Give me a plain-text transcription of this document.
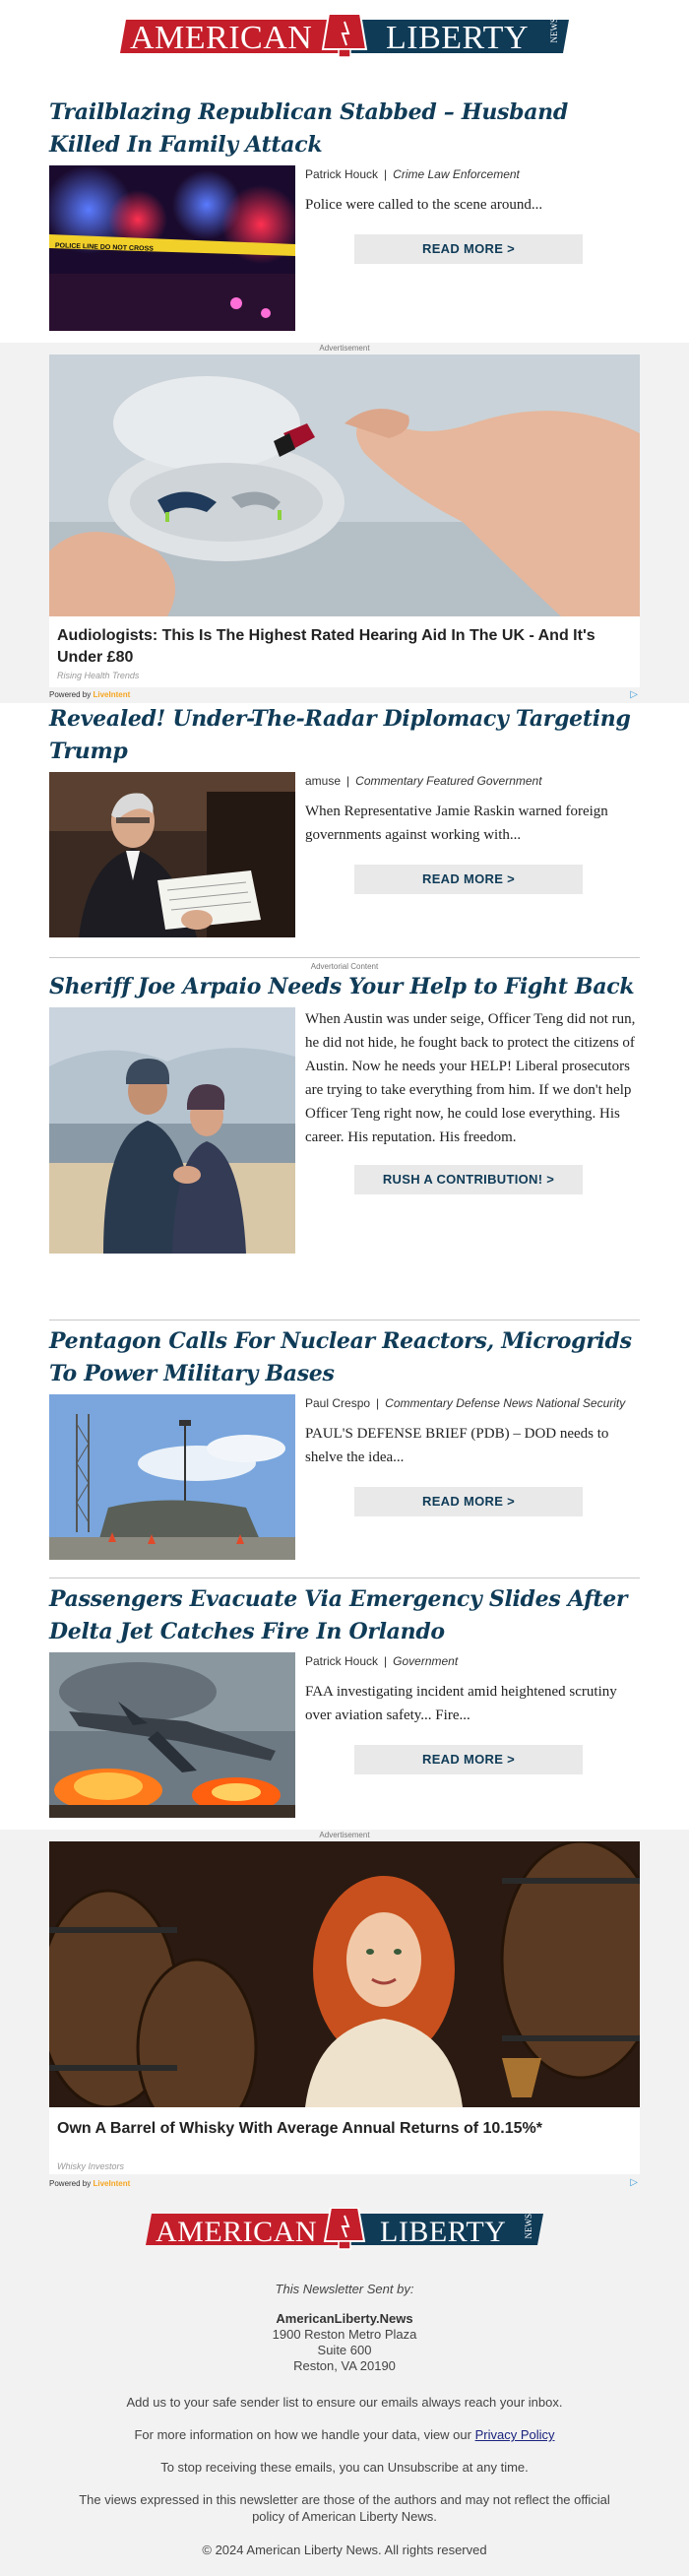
AMERICAN LIBERTY NEWS
Trailblazing Republican Stabbed – Husband Killed In Family Attack
POLICE LINE DO NOT CROSS
Patrick Houck | Crime Law Enforcement
Police were called to the scene around...
READ MORE >
Advertisement
Audiologists: This Is The Highest Rated Hearing Aid In The UK - And It's Under £80
Rising Health Trends
Powered by LiveIntent	▷
Revealed! Under-The-Radar Diplomacy Targeting Trump
amuse | Commentary Featured Government
When Representative Jamie Raskin warned foreign governments against working with...
READ MORE >
Advertorial Content
Sheriff Joe Arpaio Needs Your Help to Fight Back
When Austin was under seige, Officer Teng did not run, he did not hide, he fought back to protect the citizens of Austin. Now he needs your HELP! Liberal prosecutors are trying to take everything from him. If we don't help Officer Teng right now, he could lose everything. His career. His reputation. His freedom.
RUSH A CONTRIBUTION! >
Pentagon Calls For Nuclear Reactors, Microgrids To Power Military Bases
Paul Crespo | Commentary Defense News National Security
PAUL'S DEFENSE BRIEF (PDB) – DOD needs to shelve the idea...
READ MORE >
Passengers Evacuate Via Emergency Slides After Delta Jet Catches Fire In Orlando
Patrick Houck | Government
FAA investigating incident amid heightened scrutiny over aviation safety... Fire...
READ MORE >
Advertisement
Own A Barrel of Whisky With Average Annual Returns of 10.15%*
Whisky Investors
Powered by LiveIntent	▷
AMERICAN LIBERTY NEWS
This Newsletter Sent by:
AmericanLiberty.News
1900 Reston Metro Plaza
Suite 600
Reston, VA 20190
Add us to your safe sender list to ensure our emails always reach your inbox.
For more information on how we handle your data, view our Privacy Policy
To stop receiving these emails, you can Unsubscribe at any time.
The views expressed in this newsletter are those of the authors and may not reflect the official policy of American Liberty News.
© 2024 American Liberty News. All rights reserved
